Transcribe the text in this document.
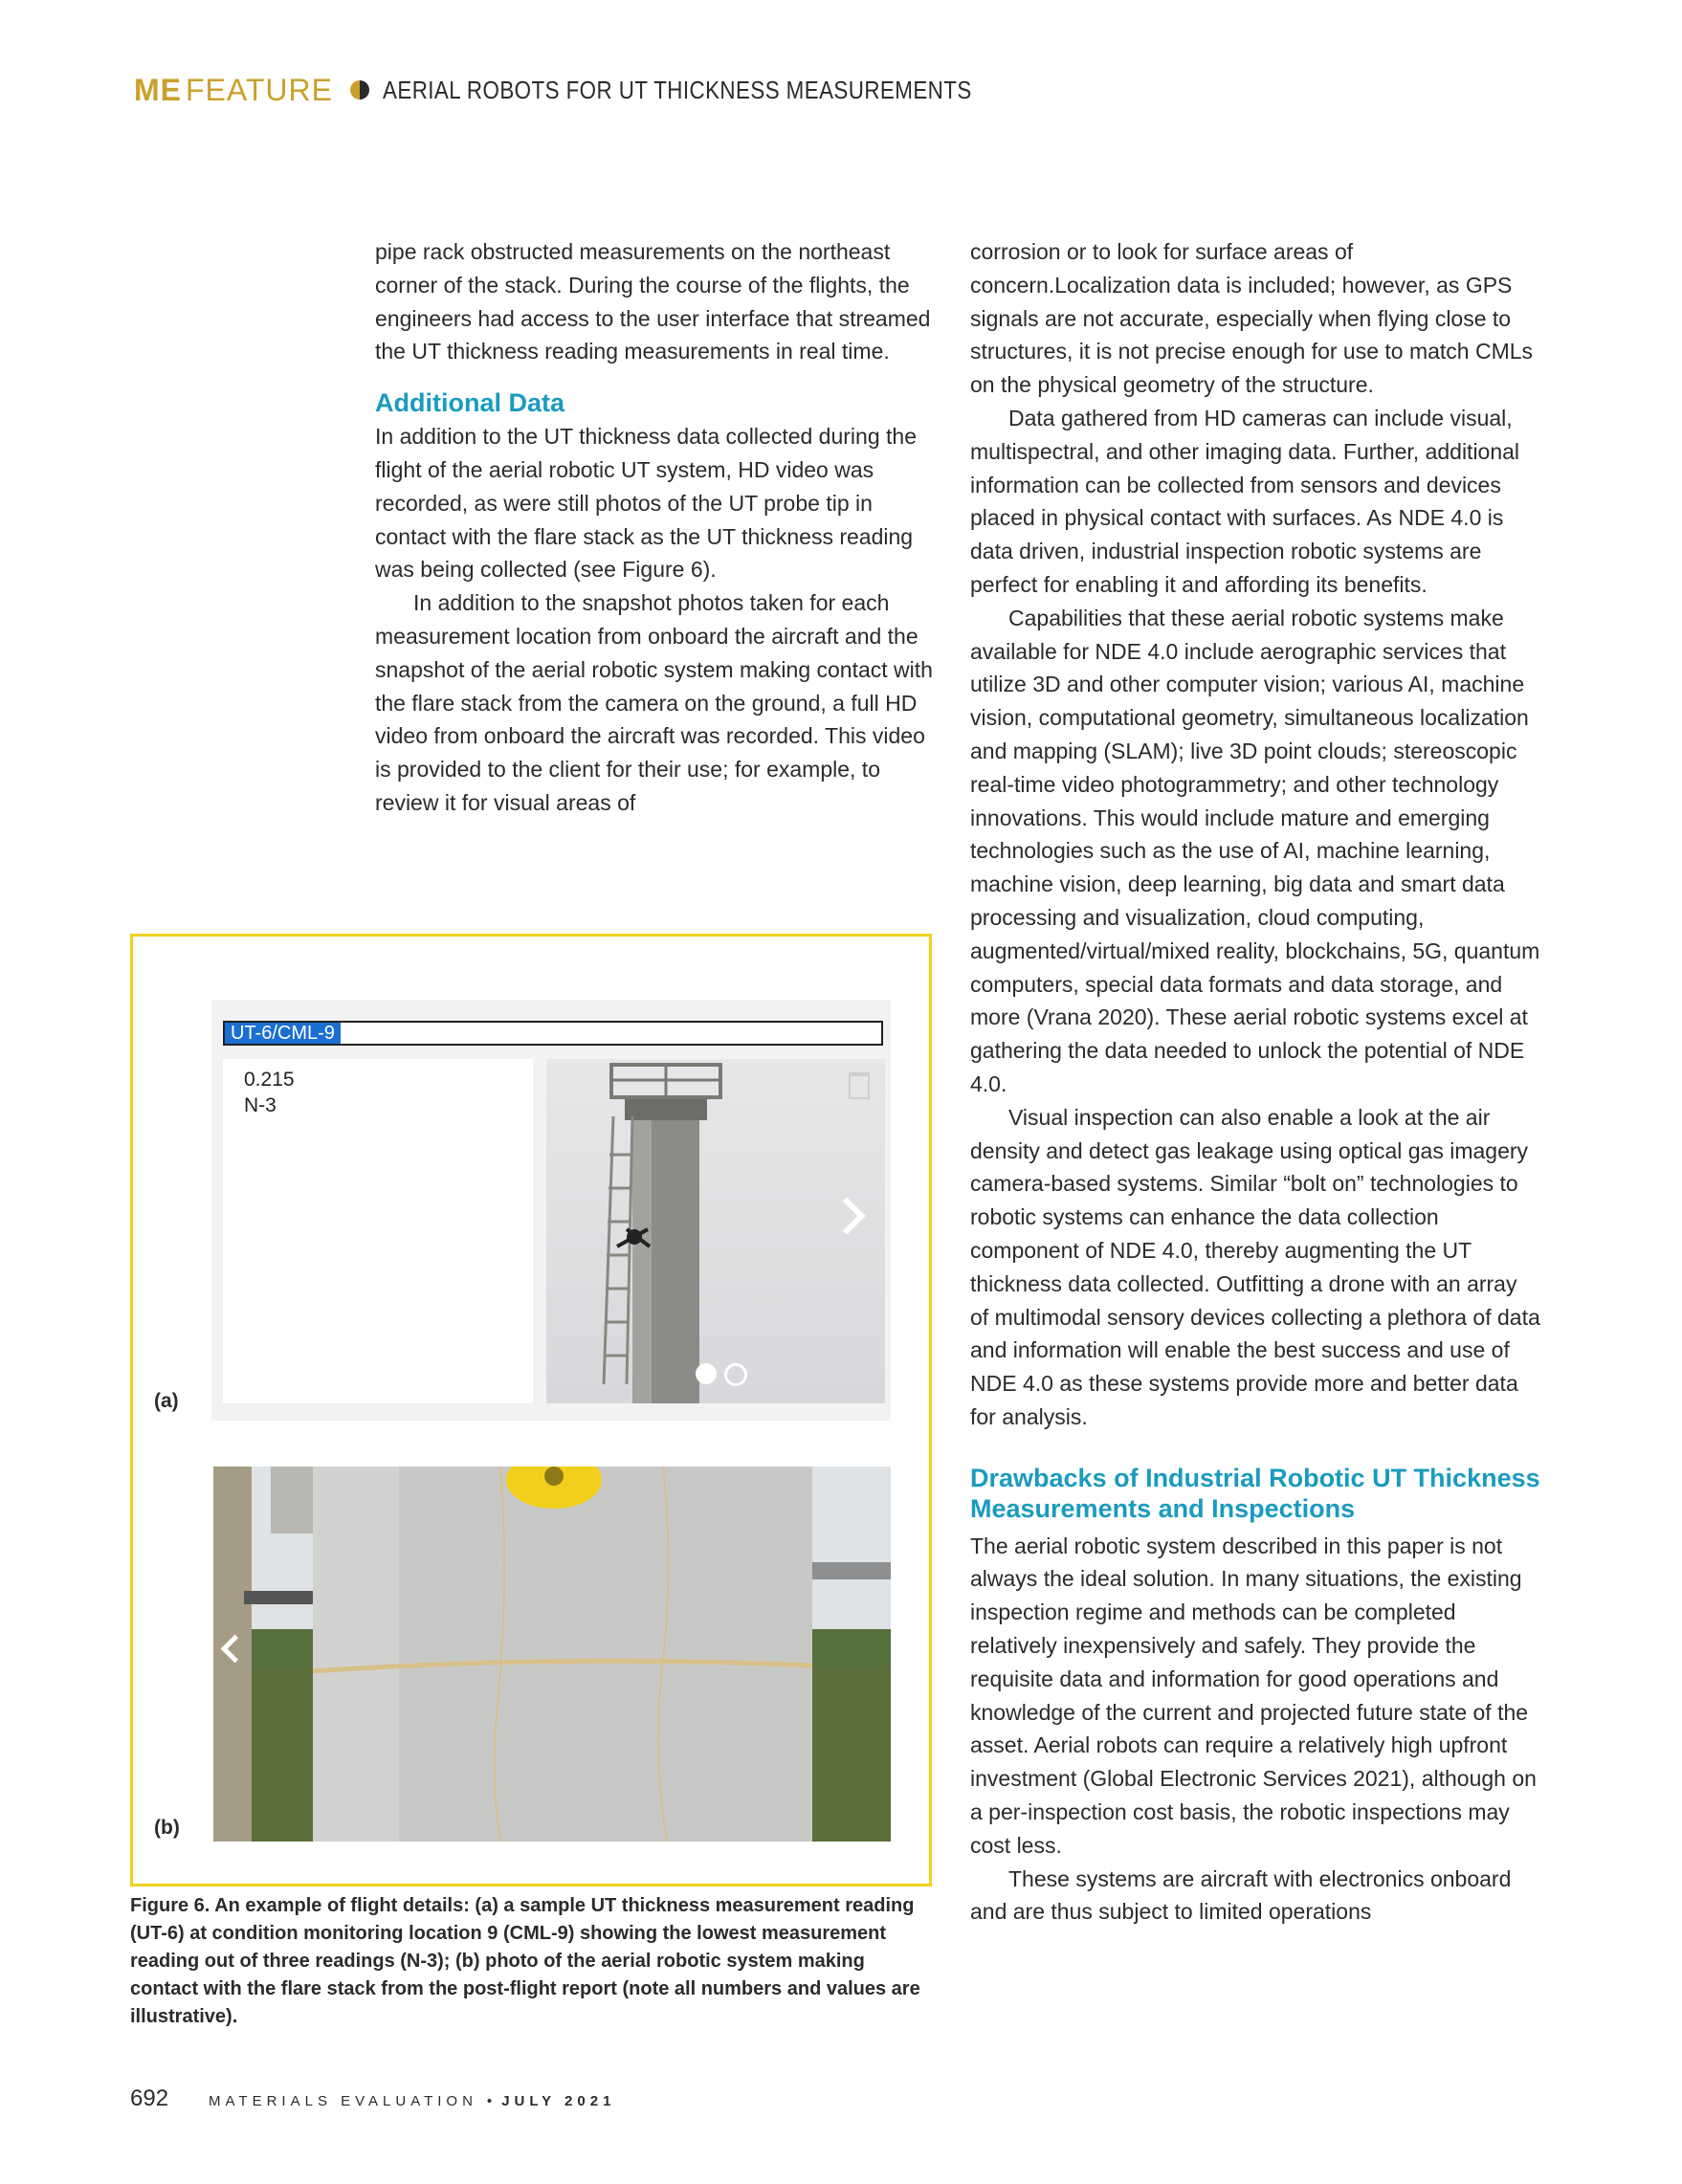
ME FEATURE AERIAL ROBOTS FOR UT THICKNESS MEASUREMENTS

pipe rack obstructed measurements on the northeast corner of the stack. During the course of the flights, the engineers had access to the user interface that streamed the UT thickness reading measurements in real time.

Additional Data

In addition to the UT thickness data collected during the flight of the aerial robotic UT system, HD video was recorded, as were still photos of the UT probe tip in contact with the flare stack as the UT thickness reading was being collected (see Figure 6).

In addition to the snapshot photos taken for each measurement location from onboard the aircraft and the snapshot of the aerial robotic system making contact with the flare stack from the camera on the ground, a full HD video from onboard the aircraft was recorded. This video is provided to the client for their use; for example, to review it for visual areas of

corrosion or to look for surface areas of concern.Localization data is included; however, as GPS signals are not accurate, especially when flying close to structures, it is not precise enough for use to match CMLs on the physical geometry of the structure.

Data gathered from HD cameras can include visual, multispectral, and other imaging data. Further, additional information can be collected from sensors and devices placed in physical contact with surfaces. As NDE 4.0 is data driven, industrial inspection robotic systems are perfect for enabling it and affording its benefits.

Capabilities that these aerial robotic systems make available for NDE 4.0 include aerographic services that utilize 3D and other computer vision; various AI, machine vision, computational geometry, simultaneous localization and mapping (SLAM); live 3D point clouds; stereoscopic real-time video photogrammetry; and other technology innovations. This would include mature and emerging technologies such as the use of AI, machine learning, machine vision, deep learning, big data and smart data processing and visualization, cloud computing, augmented/virtual/mixed reality, blockchains, 5G, quantum computers, special data formats and data storage, and more (Vrana 2020). These aerial robotic systems excel at gathering the data needed to unlock the potential of NDE 4.0.

Visual inspection can also enable a look at the air density and detect gas leakage using optical gas imagery camera-based systems. Similar “bolt on” technologies to robotic systems can enhance the data collection component of NDE 4.0, thereby augmenting the UT thickness data collected. Outfitting a drone with an array of multimodal sensory devices collecting a plethora of data and information will enable the best success and use of NDE 4.0 as these systems provide more and better data for analysis.

Drawbacks of Industrial Robotic UT Thickness Measurements and Inspections

The aerial robotic system described in this paper is not always the ideal solution. In many situations, the existing inspection regime and methods can be completed relatively inexpensively and safely. They provide the requisite data and information for good operations and knowledge of the current and projected future state of the asset. Aerial robots can require a relatively high upfront investment (Global Electronic Services 2021), although on a per-inspection cost basis, the robotic inspections may cost less.

These systems are aircraft with electronics onboard and are thus subject to limited operations

UT-6/CML-9
0.215
N-3
(a)
(b)
Figure 6. An example of flight details: (a) a sample UT thickness measurement reading (UT-6) at condition monitoring location 9 (CML-9) showing the lowest measurement reading out of three readings (N-3); (b) photo of the aerial robotic system making contact with the flare stack from the post-flight report (note all numbers and values are illustrative).
692	MATERIALS EVALUATION • JULY 2021
